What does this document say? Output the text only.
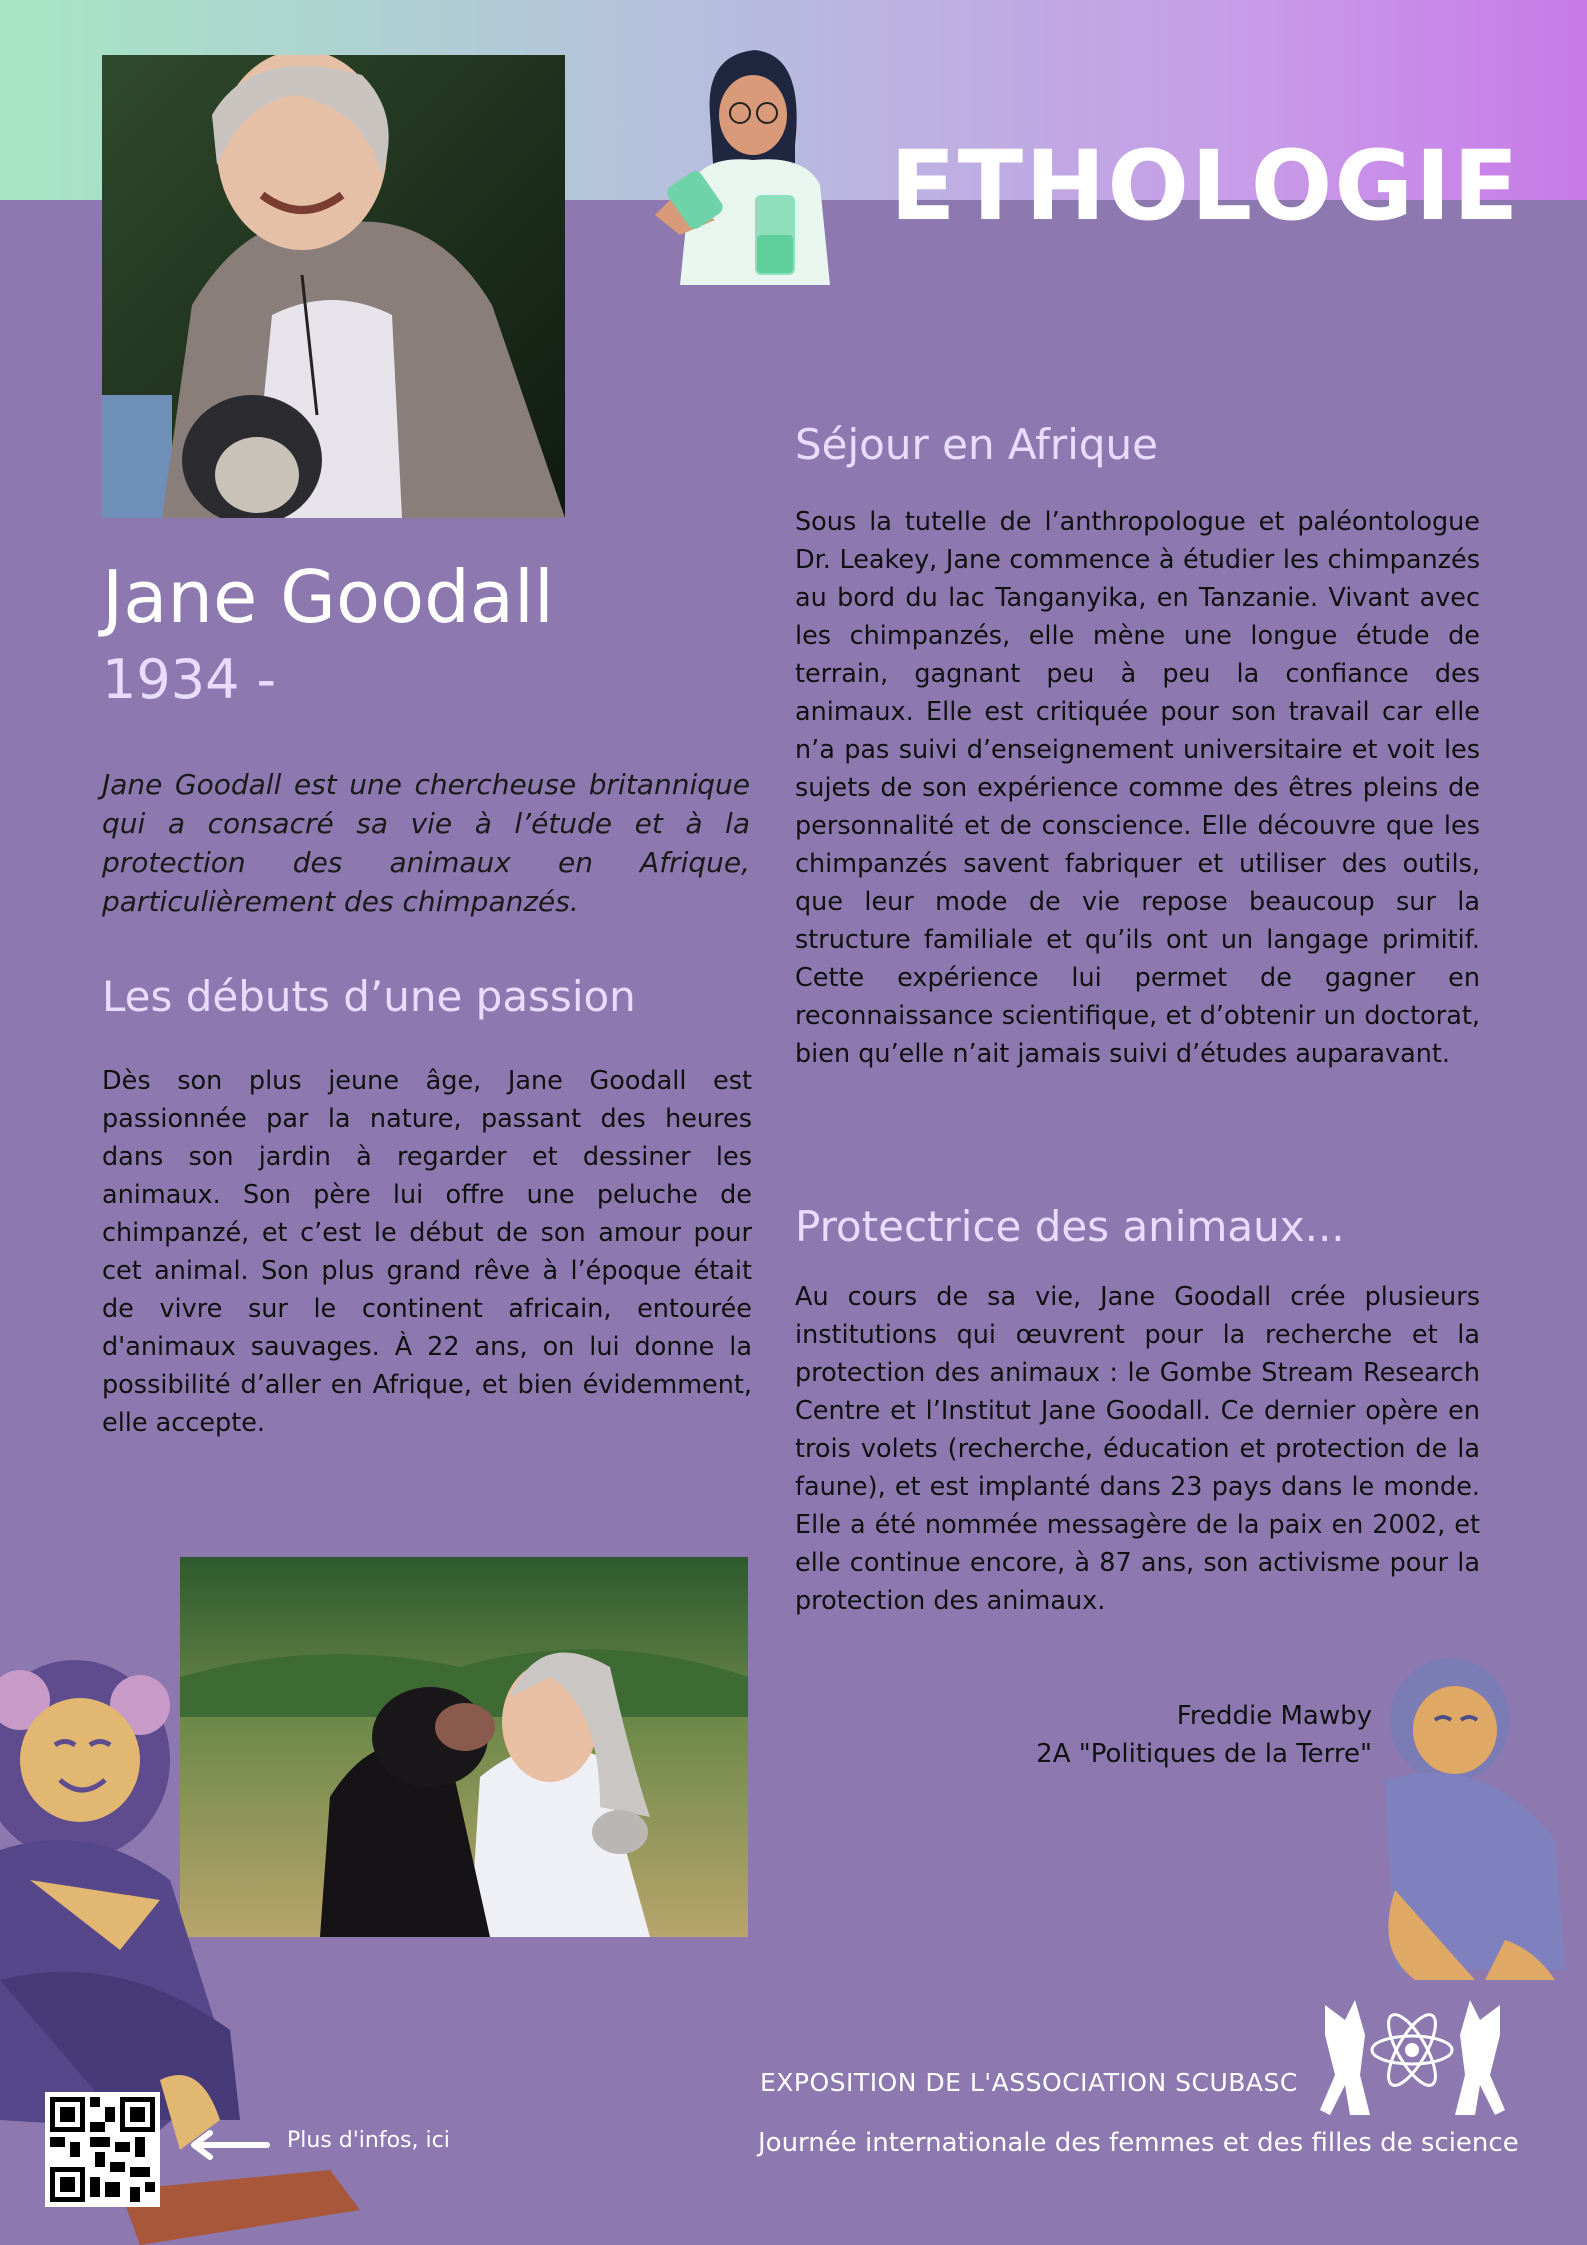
ETHOLOGIE
Jane Goodall
1934 -
Jane Goodall est une chercheuse britannique qui a consacré sa vie à l’étude et à la protection des animaux en Afrique, particulièrement des chimpanzés.
Les débuts d’une passion
Dès son plus jeune âge, Jane Goodall est passionnée par la nature, passant des heures dans son jardin à regarder et dessiner les animaux. Son père lui offre une peluche de chimpanzé, et c’est le début de son amour pour cet animal. Son plus grand rêve à l’époque était de vivre sur le continent africain, entourée d'animaux sauvages. À 22 ans, on lui donne la possibilité d’aller en Afrique, et bien évidemment, elle accepte.
Séjour en Afrique
Sous la tutelle de l’anthropologue et paléontologue Dr. Leakey, Jane commence à étudier les chimpanzés au bord du lac Tanganyika, en Tanzanie. Vivant avec les chimpanzés, elle mène une longue étude de terrain, gagnant peu à peu la confiance des animaux. Elle est critiquée pour son travail car elle n’a pas suivi d’enseignement universitaire et voit les sujets de son expérience comme des êtres pleins de personnalité et de conscience. Elle découvre que les chimpanzés savent fabriquer et utiliser des outils, que leur mode de vie repose beaucoup sur la structure familiale et qu’ils ont un langage primitif. Cette expérience lui permet de gagner en reconnaissance scientifique, et d’obtenir un doctorat, bien qu’elle n’ait jamais suivi d’études auparavant.
Protectrice des animaux...
Au cours de sa vie, Jane Goodall crée plusieurs institutions qui œuvrent pour la recherche et la protection des animaux : le Gombe Stream Research Centre et l’Institut Jane Goodall. Ce dernier opère en trois volets (recherche, éducation et protection de la faune), et est implanté dans 23 pays dans le monde. Elle a été nommée messagère de la paix en 2002, et elle continue encore, à 87 ans, son activisme pour la protection des animaux.
Freddie Mawby
2A "Politiques de la Terre"
EXPOSITION DE L'ASSOCIATION SCUBASC
Journée internationale des femmes et des filles de science
Plus d'infos, ici
